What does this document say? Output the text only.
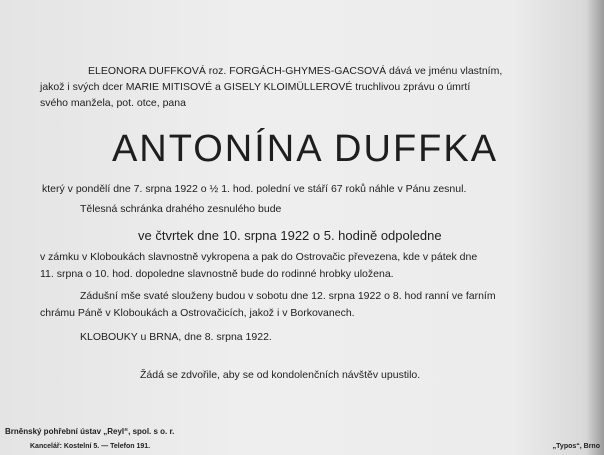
ELEONORA DUFFKOVÁ roz. FORGÁCH-GHYMES-GACSOVÁ dává ve jménu vlastním,
jakož i svých dcer MARIE MITISOVÉ a GISELY KLOIMÜLLEROVÉ truchlivou zprávu o úmrtí
svého manžela, pot. otce, pana
ANTONÍNA DUFFKA
který v pondělí dne 7. srpna 1922 o ½ 1. hod. polední ve stáří 67 roků náhle v Pánu zesnul.
Tělesná schránka drahého zesnulého bude
ve čtvrtek dne 10. srpna 1922 o 5. hodině odpoledne
v zámku v Kloboukách slavnostně vykropena a pak do Ostrovačic převezena, kde v pátek dne
11. srpna o 10. hod. dopoledne slavnostně bude do rodinné hrobky uložena.
Zádušní mše svaté slouženy budou v sobotu dne 12. srpna 1922 o 8. hod ranní ve farním
chrámu Páně v Kloboukách a Ostrovačicích, jakož i v Borkovanech.
KLOBOUKY u BRNA, dne 8. srpna 1922.
Žádá se zdvořile, aby se od kondolenčních návštěv upustilo.
Brněnský pohřební ústav „Reyl“, spol. s o. r.
Kancelář: Kostelní 5. — Telefon 191.	„Typos“, Brno
